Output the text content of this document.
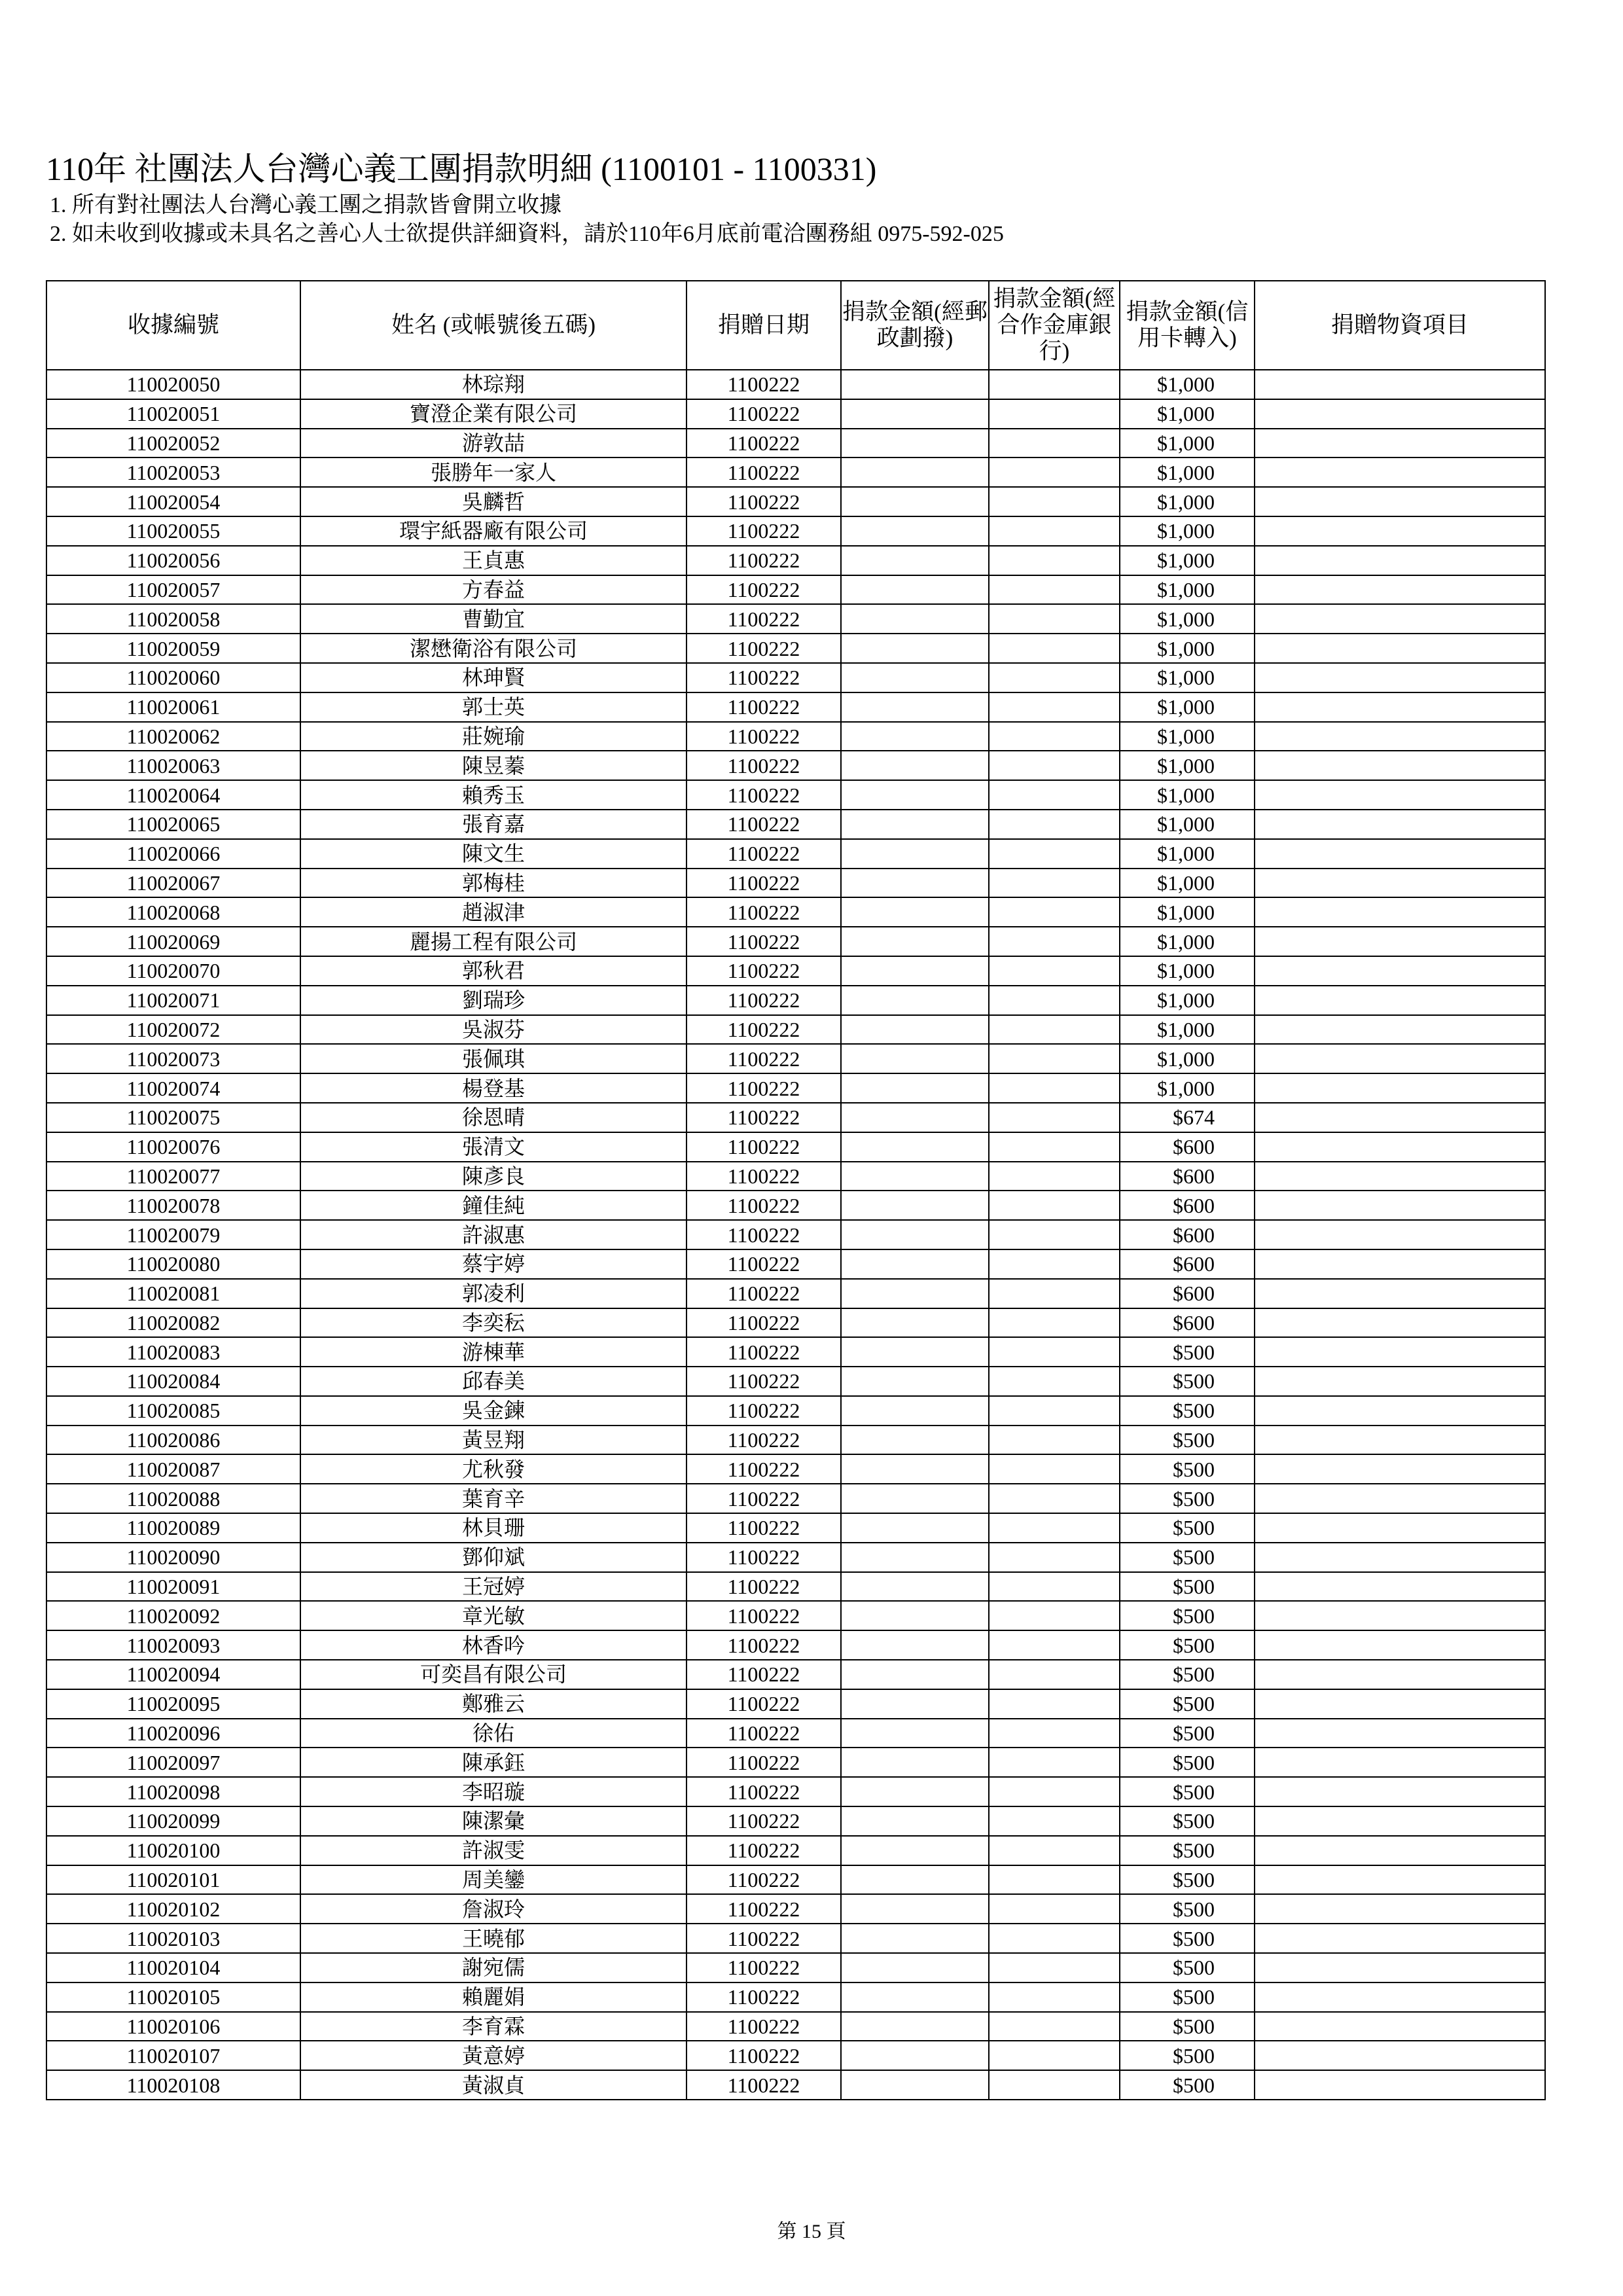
110年 社團法人台灣心義工團捐款明細 (1100101 - 1100331)
1. 所有對社團法人台灣心義工團之捐款皆會開立收據
2. 如未收到收據或未具名之善心人士欲提供詳細資料，請於110年6月底前電洽團務組 0975-592-025
收據編號	姓名 (或帳號後五碼)	捐贈日期	捐款金額(經郵政劃撥)	捐款金額(經合作金庫銀行)	捐款金額(信用卡轉入)	捐贈物資項目
110020050	林琮翔	1100222			$1,000	
110020051	寶澄企業有限公司	1100222			$1,000	
110020052	游敦喆	1100222			$1,000	
110020053	張勝年一家人	1100222			$1,000	
110020054	吳麟哲	1100222			$1,000	
110020055	環宇紙器廠有限公司	1100222			$1,000	
110020056	王貞惠	1100222			$1,000	
110020057	方春益	1100222			$1,000	
110020058	曹勤宜	1100222			$1,000	
110020059	潔懋衛浴有限公司	1100222			$1,000	
110020060	林珅賢	1100222			$1,000	
110020061	郭士英	1100222			$1,000	
110020062	莊婉瑜	1100222			$1,000	
110020063	陳昱蓁	1100222			$1,000	
110020064	賴秀玉	1100222			$1,000	
110020065	張育嘉	1100222			$1,000	
110020066	陳文生	1100222			$1,000	
110020067	郭梅桂	1100222			$1,000	
110020068	趙淑津	1100222			$1,000	
110020069	麗揚工程有限公司	1100222			$1,000	
110020070	郭秋君	1100222			$1,000	
110020071	劉瑞珍	1100222			$1,000	
110020072	吳淑芬	1100222			$1,000	
110020073	張佩琪	1100222			$1,000	
110020074	楊登基	1100222			$1,000	
110020075	徐恩晴	1100222			$674	
110020076	張清文	1100222			$600	
110020077	陳彥良	1100222			$600	
110020078	鐘佳純	1100222			$600	
110020079	許淑惠	1100222			$600	
110020080	蔡宇婷	1100222			$600	
110020081	郭凌利	1100222			$600	
110020082	李奕秐	1100222			$600	
110020083	游棟華	1100222			$500	
110020084	邱春美	1100222			$500	
110020085	吳金鍊	1100222			$500	
110020086	黃昱翔	1100222			$500	
110020087	尤秋發	1100222			$500	
110020088	葉育辛	1100222			$500	
110020089	林貝珊	1100222			$500	
110020090	鄧仰斌	1100222			$500	
110020091	王冠婷	1100222			$500	
110020092	章光敏	1100222			$500	
110020093	林香吟	1100222			$500	
110020094	可奕昌有限公司	1100222			$500	
110020095	鄭雅云	1100222			$500	
110020096	徐佑	1100222			$500	
110020097	陳承鈺	1100222			$500	
110020098	李昭璇	1100222			$500	
110020099	陳潔彙	1100222			$500	
110020100	許淑雯	1100222			$500	
110020101	周美鑾	1100222			$500	
110020102	詹淑玲	1100222			$500	
110020103	王曉郁	1100222			$500	
110020104	謝宛儒	1100222			$500	
110020105	賴麗娟	1100222			$500	
110020106	李育霖	1100222			$500	
110020107	黃意婷	1100222			$500	
110020108	黃淑貞	1100222			$500	
第 15 頁
